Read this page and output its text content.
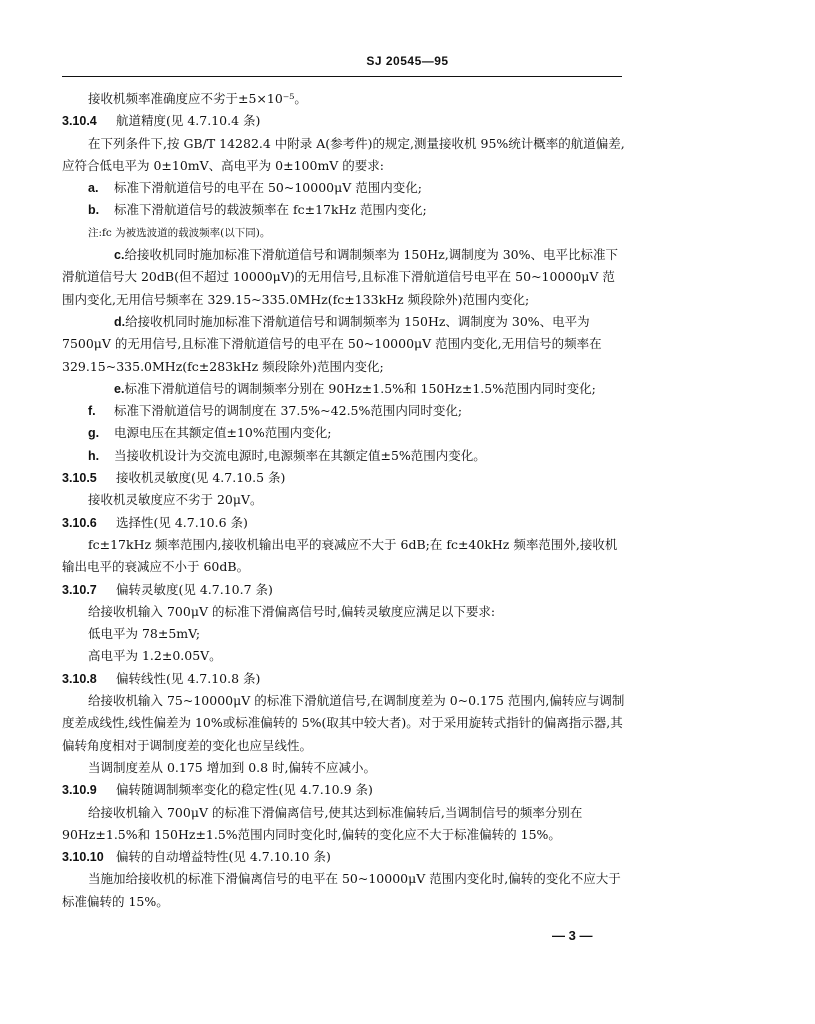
SJ 20545—95

接收机频率准确度应不劣于±5×10⁻⁵。

3.10.4 航道精度(见 4.7.10.4 条)

在下列条件下,按 GB/T 14282.4 中附录 A(参考件)的规定,测量接收机 95%统计概率的航道偏差,应符合低电平为 0±10mV、高电平为 0±100mV 的要求:

a. 标准下滑航道信号的电平在 50~10000μV 范围内变化;

b. 标准下滑航道信号的载波频率在 fc±17kHz 范围内变化;

注:fc 为被选波道的载波频率(以下同)。

c.给接收机同时施加标准下滑航道信号和调制频率为 150Hz,调制度为 30%、电平比标准下滑航道信号大 20dB(但不超过 10000μV)的无用信号,且标准下滑航道信号电平在 50~10000μV 范围内变化,无用信号频率在 329.15~335.0MHz(fc±133kHz 频段除外)范围内变化;

d.给接收机同时施加标准下滑航道信号和调制频率为 150Hz、调制度为 30%、电平为 7500μV 的无用信号,且标准下滑航道信号的电平在 50~10000μV 范围内变化,无用信号的频率在 329.15~335.0MHz(fc±283kHz 频段除外)范围内变化;

e.标准下滑航道信号的调制频率分别在 90Hz±1.5%和 150Hz±1.5%范围内同时变化;

f. 标准下滑航道信号的调制度在 37.5%~42.5%范围内同时变化;

g. 电源电压在其额定值±10%范围内变化;

h. 当接收机设计为交流电源时,电源频率在其额定值±5%范围内变化。

3.10.5 接收机灵敏度(见 4.7.10.5 条)

接收机灵敏度应不劣于 20μV。

3.10.6 选择性(见 4.7.10.6 条)

fc±17kHz 频率范围内,接收机输出电平的衰减应不大于 6dB;在 fc±40kHz 频率范围外,接收机输出电平的衰减应不小于 60dB。

3.10.7 偏转灵敏度(见 4.7.10.7 条)

给接收机输入 700μV 的标准下滑偏离信号时,偏转灵敏度应满足以下要求:

低电平为 78±5mV;

高电平为 1.2±0.05V。

3.10.8 偏转线性(见 4.7.10.8 条)

给接收机输入 75~10000μV 的标准下滑航道信号,在调制度差为 0~0.175 范围内,偏转应与调制度差成线性,线性偏差为 10%或标准偏转的 5%(取其中较大者)。对于采用旋转式指针的偏离指示器,其偏转角度相对于调制度差的变化也应呈线性。

当调制度差从 0.175 增加到 0.8 时,偏转不应减小。

3.10.9 偏转随调制频率变化的稳定性(见 4.7.10.9 条)

给接收机输入 700μV 的标准下滑偏离信号,使其达到标准偏转后,当调制信号的频率分别在 90Hz±1.5%和 150Hz±1.5%范围内同时变化时,偏转的变化应不大于标准偏转的 15%。

3.10.10 偏转的自动增益特性(见 4.7.10.10 条)

当施加给接收机的标准下滑偏离信号的电平在 50~10000μV 范围内变化时,偏转的变化不应大于标准偏转的 15%。

— 3 —
